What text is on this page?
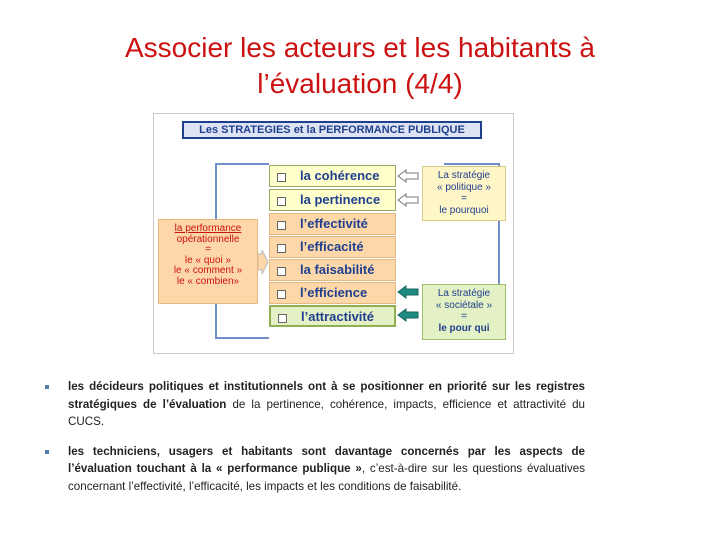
Associer les acteurs et les habitants à
l’évaluation (4/4)
Les STRATEGIES et la PERFORMANCE PUBLIQUE
la cohérence
la pertinence
l’effectivité
l’efficacité
la faisabilité
l’efficience
l’attractivité
la performance
opérationnelle
=
le « quoi »
le « comment »
le « combien»
La stratégie
« politique »
=
le pourquoi
La stratégie
« sociétale »
=
le pour qui
les décideurs politiques et institutionnels ont à se positionner en priorité sur les registres stratégiques de l’évaluation de la pertinence, cohérence, impacts, efficience et attractivité du CUCS.
les techniciens, usagers et habitants sont davantage concernés par les aspects de l’évaluation touchant à la « performance publique », c’est-à-dire sur les questions évaluatives concernant l’effectivité, l’efficacité, les impacts et les conditions de faisabilité.
